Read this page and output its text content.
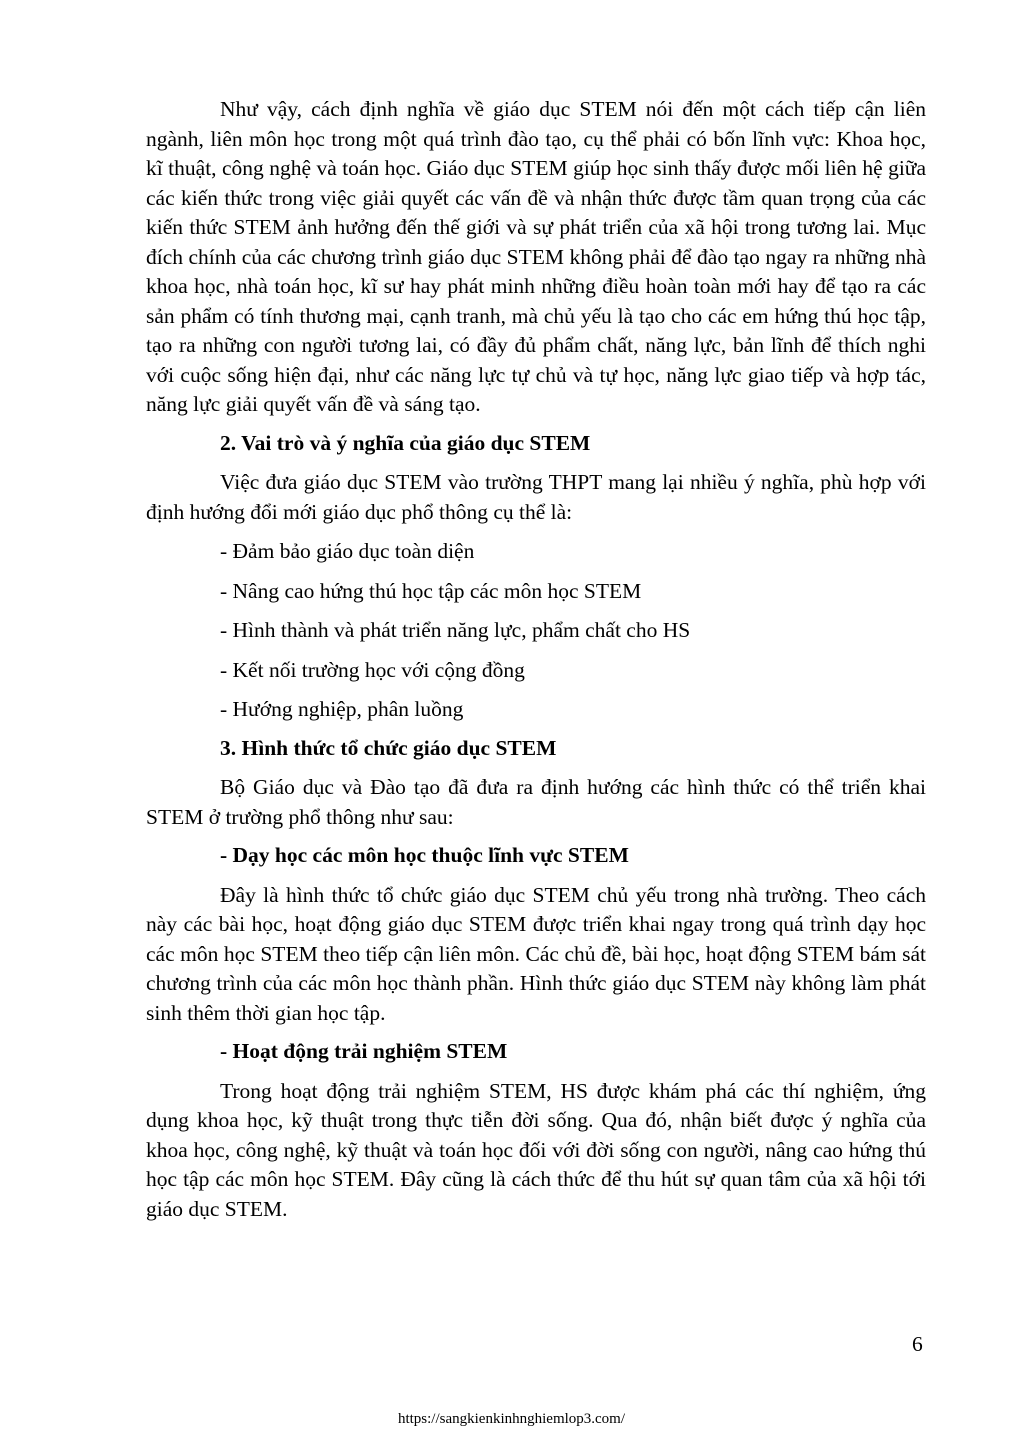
Như vậy, cách định nghĩa về giáo dục STEM nói đến một cách tiếp cận liên ngành, liên môn học trong một quá trình đào tạo, cụ thể phải có bốn lĩnh vực: Khoa học, kĩ thuật, công nghệ và toán học. Giáo dục STEM giúp học sinh thấy được mối liên hệ giữa các kiến thức trong việc giải quyết các vấn đề và nhận thức được tầm quan trọng của các kiến thức STEM ảnh hưởng đến thế giới và sự phát triển của xã hội trong tương lai. Mục đích chính của các chương trình giáo dục STEM không phải để đào tạo ngay ra những nhà khoa học, nhà toán học, kĩ sư hay phát minh những điều hoàn toàn mới hay để tạo ra các sản phẩm có tính thương mại, cạnh tranh, mà chủ yếu là tạo cho các em hứng thú học tập, tạo ra những con người tương lai, có đầy đủ phẩm chất, năng lực, bản lĩnh để thích nghi với cuộc sống hiện đại, như các năng lực tự chủ và tự học, năng lực giao tiếp và hợp tác, năng lực giải quyết vấn đề và sáng tạo.

2. Vai trò và ý nghĩa của giáo dục STEM

Việc đưa giáo dục STEM vào trường THPT mang lại nhiều ý nghĩa, phù hợp với định hướng đổi mới giáo dục phổ thông cụ thể là:

- Đảm bảo giáo dục toàn diện
- Nâng cao hứng thú học tập các môn học STEM
- Hình thành và phát triển năng lực, phẩm chất cho HS
- Kết nối trường học với cộng đồng
- Hướng nghiệp, phân luồng
3. Hình thức tổ chức giáo dục STEM

Bộ Giáo dục và Đào tạo đã đưa ra định hướng các hình thức có thể triển khai STEM ở trường phổ thông như sau:

- Dạy học các môn học thuộc lĩnh vực STEM

Đây là hình thức tổ chức giáo dục STEM chủ yếu trong nhà trường. Theo cách này các bài học, hoạt động giáo dục STEM được triển khai ngay trong quá trình dạy học các môn học STEM theo tiếp cận liên môn. Các chủ đề, bài học, hoạt động STEM bám sát chương trình của các môn học thành phần. Hình thức giáo dục STEM này không làm phát sinh thêm thời gian học tập.

- Hoạt động trải nghiệm STEM

Trong hoạt động trải nghiệm STEM, HS được khám phá các thí nghiệm, ứng dụng khoa học, kỹ thuật trong thực tiễn đời sống. Qua đó, nhận biết được ý nghĩa của khoa học, công nghệ, kỹ thuật và toán học đối với đời sống con người, nâng cao hứng thú học tập các môn học STEM. Đây cũng là cách thức để thu hút sự quan tâm của xã hội tới giáo dục STEM.

6
https://sangkienkinhnghiemlop3.com/
